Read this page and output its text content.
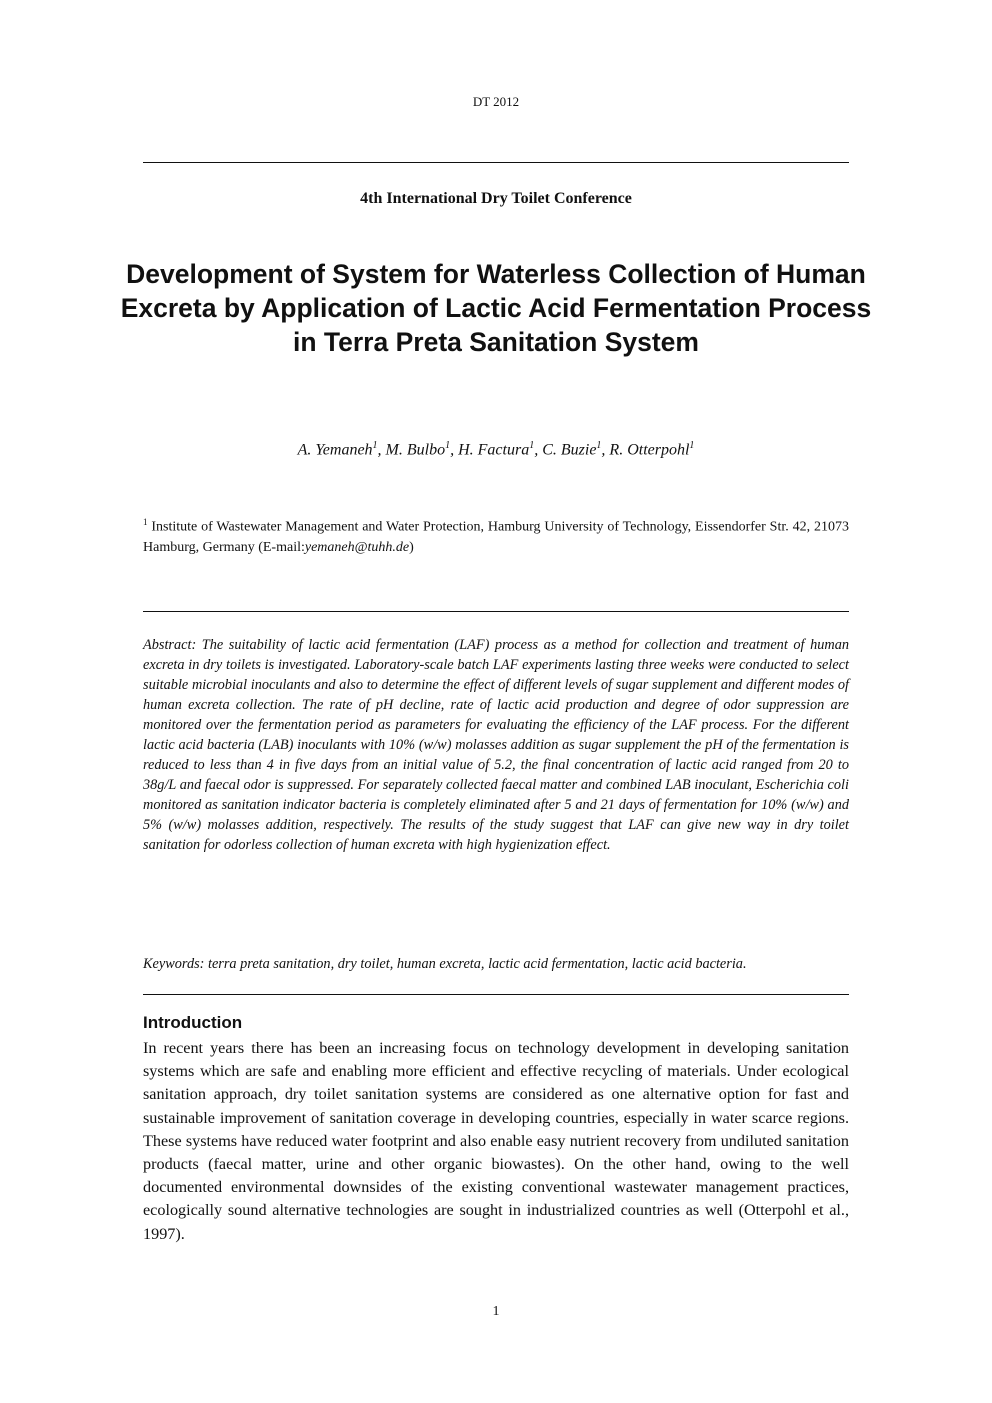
DT 2012
4th International Dry Toilet Conference
Development of System for Waterless Collection of Human Excreta by Application of Lactic Acid Fermentation Process in Terra Preta Sanitation System
A. Yemaneh$^1$, M. Bulbo$^1$, H. Factura$^1$, C. Buzie$^1$, R. Otterpohl$^1$
$^1$ Institute of Wastewater Management and Water Protection, Hamburg University of Technology, Eissendorfer Str. 42, 21073 Hamburg, Germany (E-mail:yemaneh@tuhh.de)

Abstract: The suitability of lactic acid fermentation (LAF) process as a method for collection and treatment of human excreta in dry toilets is investigated. Laboratory-scale batch LAF experiments lasting three weeks were conducted to select suitable microbial inoculants and also to determine the effect of different levels of sugar supplement and different modes of human excreta collection. The rate of pH decline, rate of lactic acid production and degree of odor suppression are monitored over the fermentation period as parameters for evaluating the efficiency of the LAF process. For the different lactic acid bacteria (LAB) inoculants with 10% (w/w) molasses addition as sugar supplement the pH of the fermentation is reduced to less than 4 in five days from an initial value of 5.2, the final concentration of lactic acid ranged from 20 to 38g/L and faecal odor is suppressed. For separately collected faecal matter and combined LAB inoculant, Escherichia coli monitored as sanitation indicator bacteria is completely eliminated after 5 and 21 days of fermentation for 10% (w/w) and 5% (w/w) molasses addition, respectively. The results of the study suggest that LAF can give new way in dry toilet sanitation for odorless collection of human excreta with high hygienization effect.

Keywords: terra preta sanitation, dry toilet, human excreta, lactic acid fermentation, lactic acid bacteria.

Introduction

In recent years there has been an increasing focus on technology development in developing sanitation systems which are safe and enabling more efficient and effective recycling of materials. Under ecological sanitation approach, dry toilet sanitation systems are considered as one alternative option for fast and sustainable improvement of sanitation coverage in developing countries, especially in water scarce regions. These systems have reduced water footprint and also enable easy nutrient recovery from undiluted sanitation products (faecal matter, urine and other organic biowastes). On the other hand, owing to the well documented environmental downsides of the existing conventional wastewater management practices, ecologically sound alternative technologies are sought in industrialized countries as well (Otterpohl et al., 1997).

1
